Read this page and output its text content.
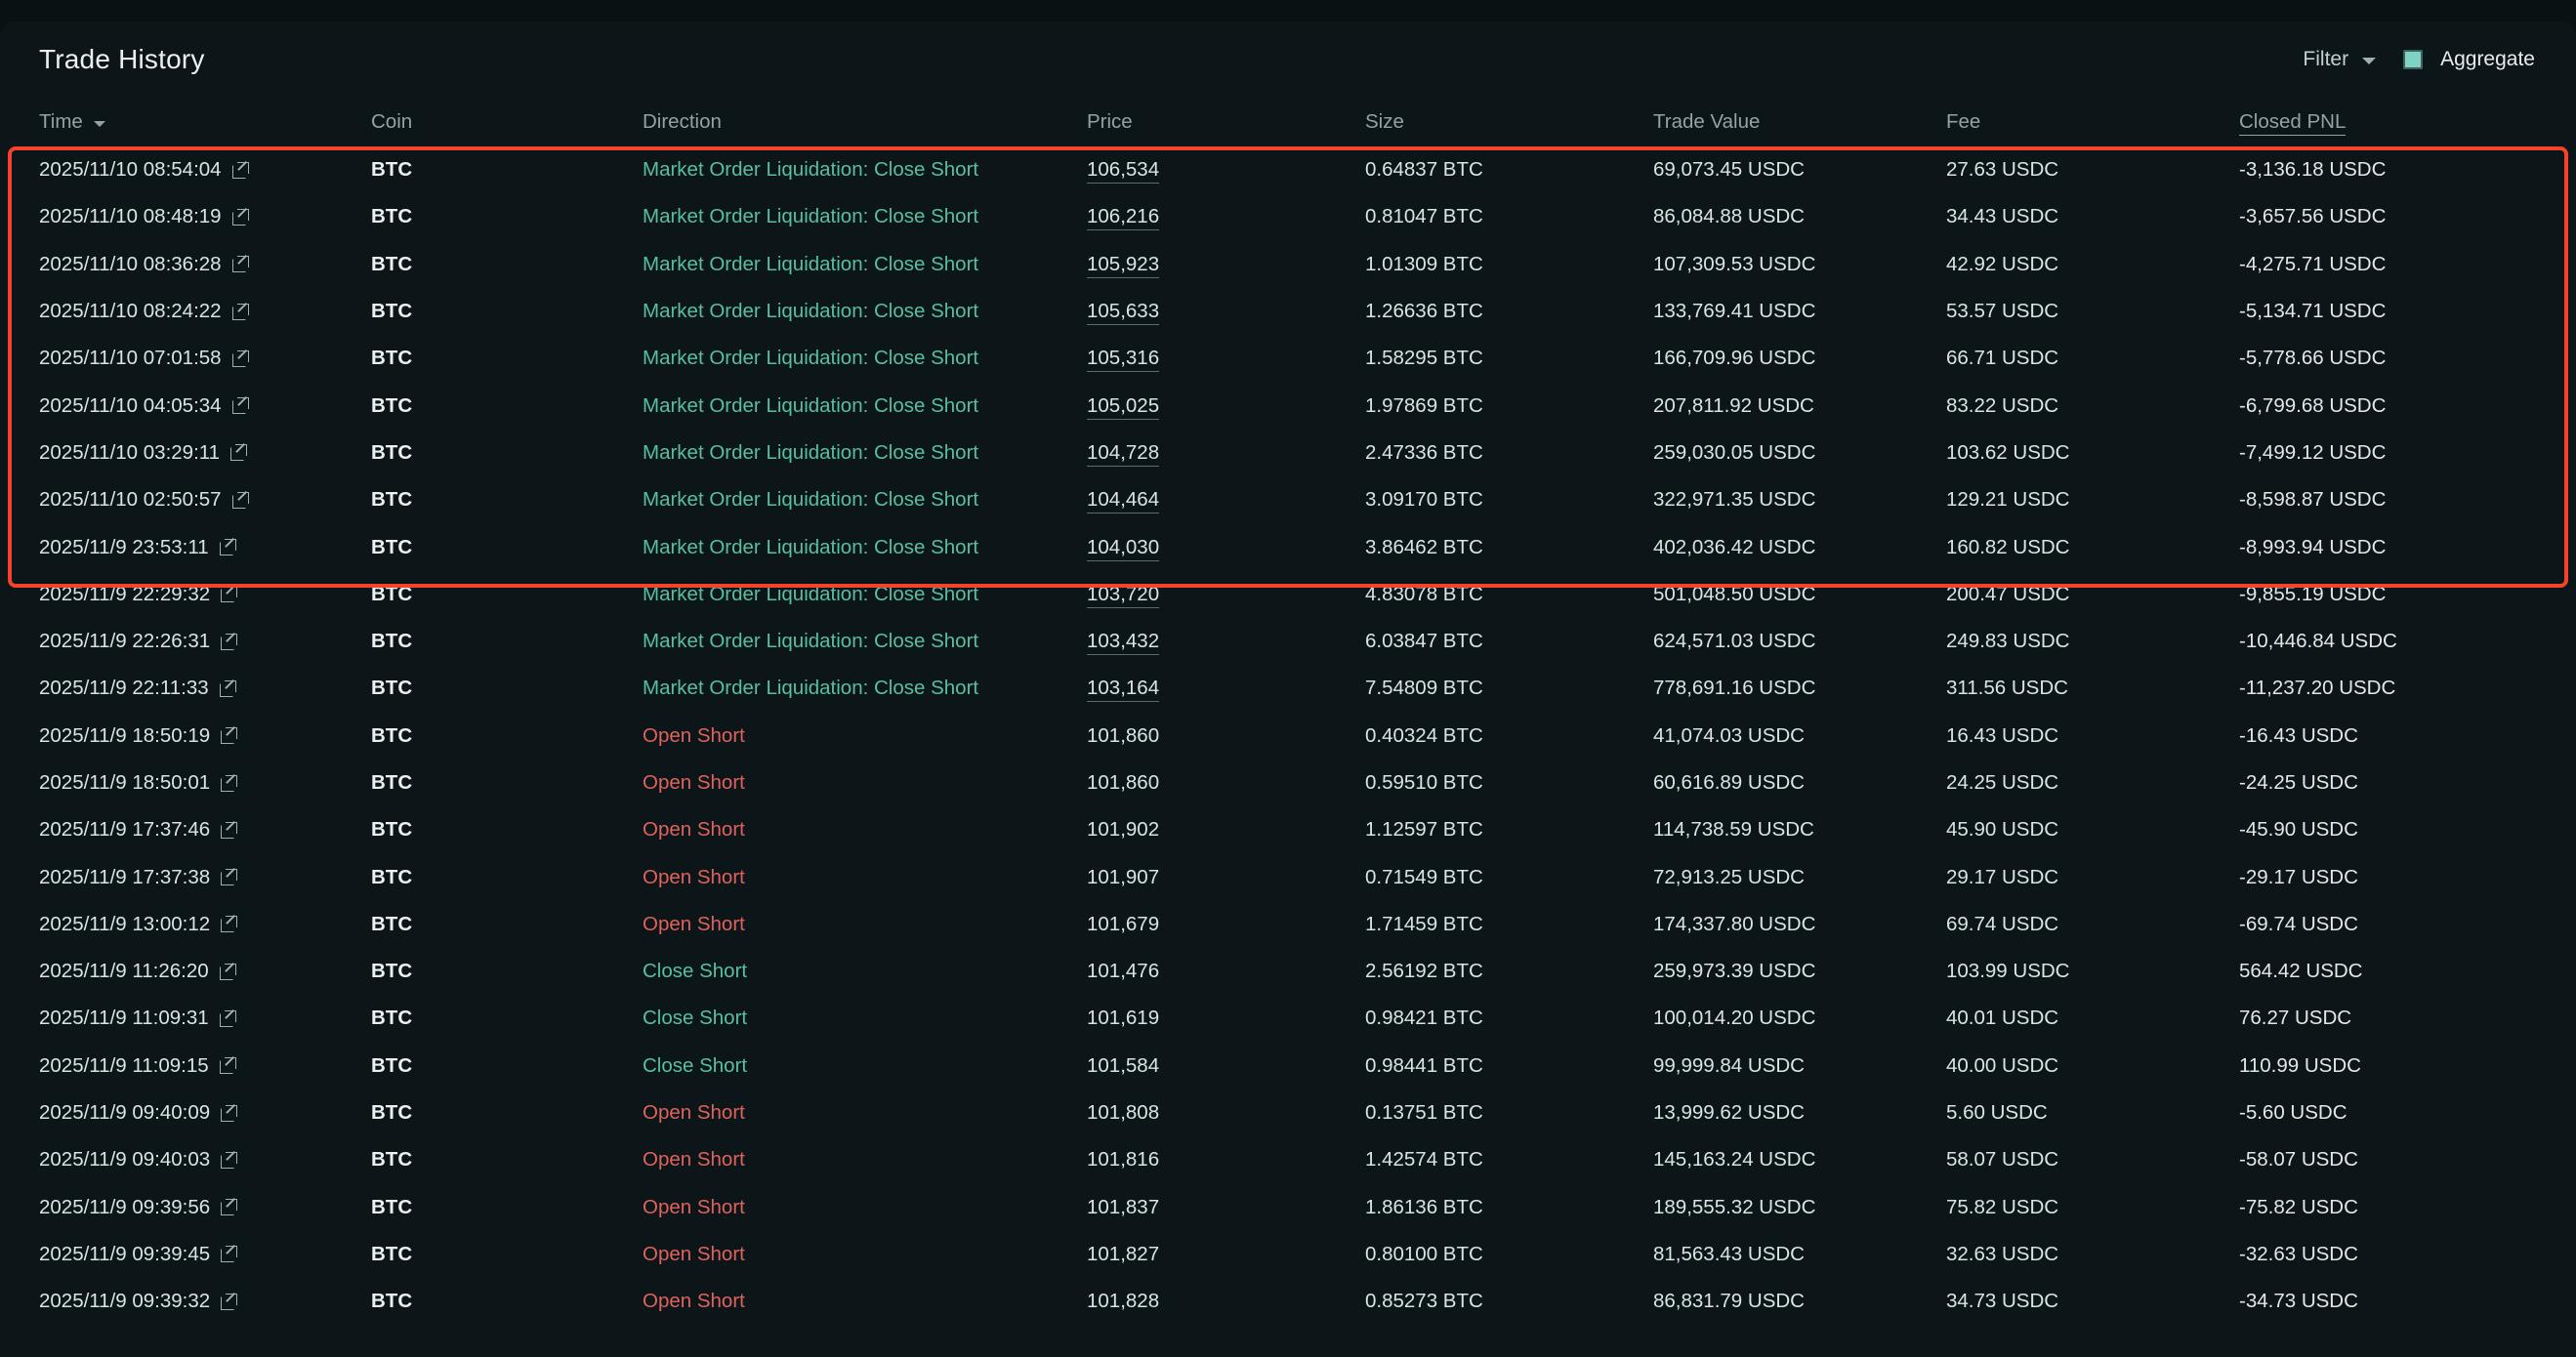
Trade History	Filter	Aggregate
Time	Coin	Direction	Price	Size	Trade Value	Fee	Closed PNL
2025/11/10 08:54:04	BTC	Market Order Liquidation: Close Short	106,534	0.64837 BTC	69,073.45 USDC	27.63 USDC	-3,136.18 USDC
2025/11/10 08:48:19	BTC	Market Order Liquidation: Close Short	106,216	0.81047 BTC	86,084.88 USDC	34.43 USDC	-3,657.56 USDC
2025/11/10 08:36:28	BTC	Market Order Liquidation: Close Short	105,923	1.01309 BTC	107,309.53 USDC	42.92 USDC	-4,275.71 USDC
2025/11/10 08:24:22	BTC	Market Order Liquidation: Close Short	105,633	1.26636 BTC	133,769.41 USDC	53.57 USDC	-5,134.71 USDC
2025/11/10 07:01:58	BTC	Market Order Liquidation: Close Short	105,316	1.58295 BTC	166,709.96 USDC	66.71 USDC	-5,778.66 USDC
2025/11/10 04:05:34	BTC	Market Order Liquidation: Close Short	105,025	1.97869 BTC	207,811.92 USDC	83.22 USDC	-6,799.68 USDC
2025/11/10 03:29:11	BTC	Market Order Liquidation: Close Short	104,728	2.47336 BTC	259,030.05 USDC	103.62 USDC	-7,499.12 USDC
2025/11/10 02:50:57	BTC	Market Order Liquidation: Close Short	104,464	3.09170 BTC	322,971.35 USDC	129.21 USDC	-8,598.87 USDC
2025/11/9 23:53:11	BTC	Market Order Liquidation: Close Short	104,030	3.86462 BTC	402,036.42 USDC	160.82 USDC	-8,993.94 USDC
2025/11/9 22:29:32	BTC	Market Order Liquidation: Close Short	103,720	4.83078 BTC	501,048.50 USDC	200.47 USDC	-9,855.19 USDC
2025/11/9 22:26:31	BTC	Market Order Liquidation: Close Short	103,432	6.03847 BTC	624,571.03 USDC	249.83 USDC	-10,446.84 USDC
2025/11/9 22:11:33	BTC	Market Order Liquidation: Close Short	103,164	7.54809 BTC	778,691.16 USDC	311.56 USDC	-11,237.20 USDC
2025/11/9 18:50:19	BTC	Open Short	101,860	0.40324 BTC	41,074.03 USDC	16.43 USDC	-16.43 USDC
2025/11/9 18:50:01	BTC	Open Short	101,860	0.59510 BTC	60,616.89 USDC	24.25 USDC	-24.25 USDC
2025/11/9 17:37:46	BTC	Open Short	101,902	1.12597 BTC	114,738.59 USDC	45.90 USDC	-45.90 USDC
2025/11/9 17:37:38	BTC	Open Short	101,907	0.71549 BTC	72,913.25 USDC	29.17 USDC	-29.17 USDC
2025/11/9 13:00:12	BTC	Open Short	101,679	1.71459 BTC	174,337.80 USDC	69.74 USDC	-69.74 USDC
2025/11/9 11:26:20	BTC	Close Short	101,476	2.56192 BTC	259,973.39 USDC	103.99 USDC	564.42 USDC
2025/11/9 11:09:31	BTC	Close Short	101,619	0.98421 BTC	100,014.20 USDC	40.01 USDC	76.27 USDC
2025/11/9 11:09:15	BTC	Close Short	101,584	0.98441 BTC	99,999.84 USDC	40.00 USDC	110.99 USDC
2025/11/9 09:40:09	BTC	Open Short	101,808	0.13751 BTC	13,999.62 USDC	5.60 USDC	-5.60 USDC
2025/11/9 09:40:03	BTC	Open Short	101,816	1.42574 BTC	145,163.24 USDC	58.07 USDC	-58.07 USDC
2025/11/9 09:39:56	BTC	Open Short	101,837	1.86136 BTC	189,555.32 USDC	75.82 USDC	-75.82 USDC
2025/11/9 09:39:45	BTC	Open Short	101,827	0.80100 BTC	81,563.43 USDC	32.63 USDC	-32.63 USDC
2025/11/9 09:39:32	BTC	Open Short	101,828	0.85273 BTC	86,831.79 USDC	34.73 USDC	-34.73 USDC
